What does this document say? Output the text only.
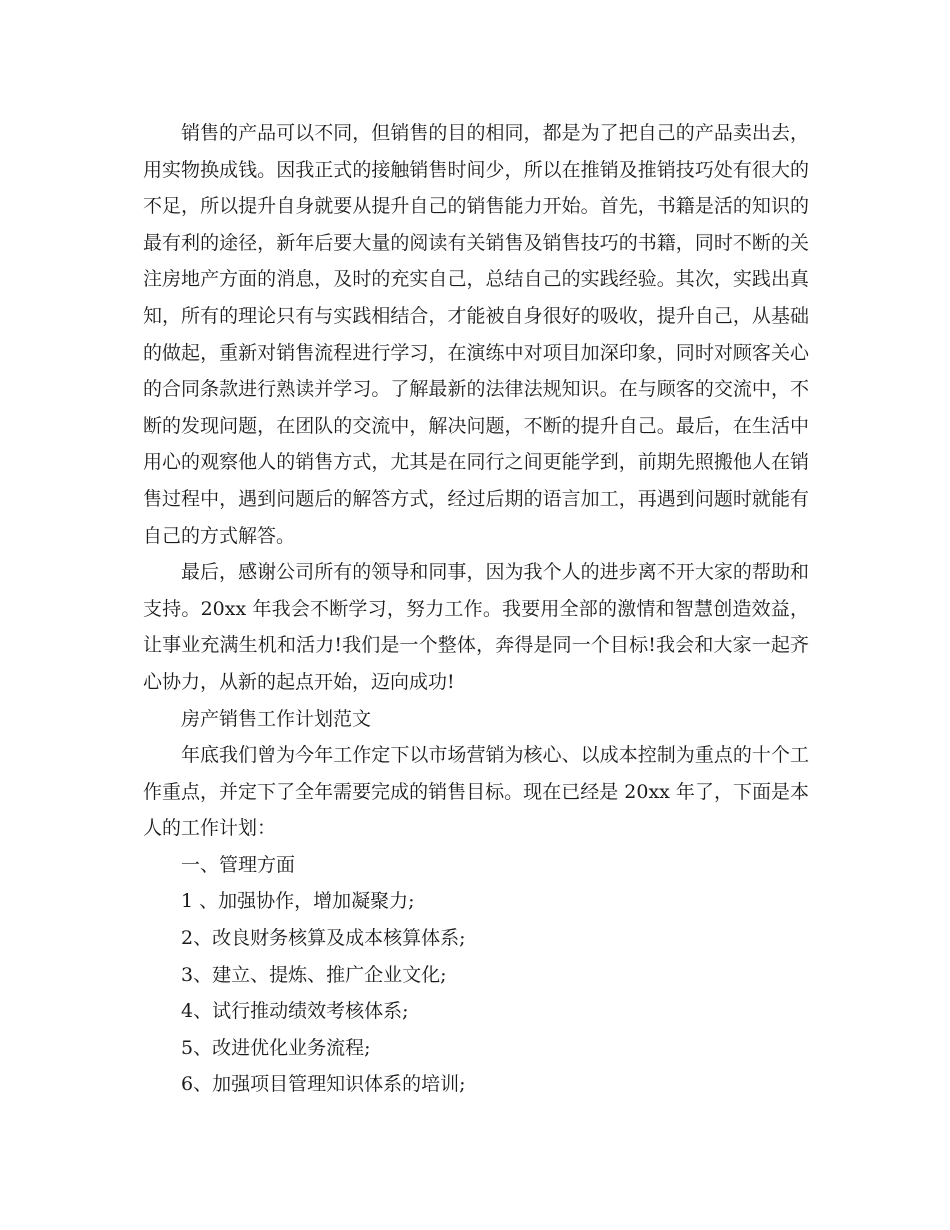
销售的产品可以不同，但销售的目的相同，都是为了把自己的产品卖出去，用实物换成钱。因我正式的接触销售时间少，所以在推销及推销技巧处有很大的不足，所以提升自身就要从提升自己的销售能力开始。首先，书籍是活的知识的最有利的途径，新年后要大量的阅读有关销售及销售技巧的书籍，同时不断的关注房地产方面的消息，及时的充实自己，总结自己的实践经验。其次，实践出真知，所有的理论只有与实践相结合，才能被自身很好的吸收，提升自己，从基础的做起，重新对销售流程进行学习，在演练中对项目加深印象，同时对顾客关心的合同条款进行熟读并学习。了解最新的法律法规知识。在与顾客的交流中，不断的发现问题，在团队的交流中，解决问题，不断的提升自己。最后，在生活中用心的观察他人的销售方式，尤其是在同行之间更能学到，前期先照搬他人在销售过程中，遇到问题后的解答方式，经过后期的语言加工，再遇到问题时就能有自己的方式解答。

最后，感谢公司所有的领导和同事，因为我个人的进步离不开大家的帮助和支持。20xx 年我会不断学习，努力工作。我要用全部的激情和智慧创造效益，让事业充满生机和活力!我们是一个整体，奔得是同一个目标!我会和大家一起齐心协力，从新的起点开始，迈向成功!

房产销售工作计划范文

年底我们曾为今年工作定下以市场营销为核心、以成本控制为重点的十个工作重点，并定下了全年需要完成的销售目标。现在已经是 20xx 年了，下面是本人的工作计划：

一、管理方面

1 、加强协作，增加凝聚力;

2、改良财务核算及成本核算体系;

3、建立、提炼、推广企业文化;

4、试行推动绩效考核体系;

5、改进优化业务流程;

6、加强项目管理知识体系的培训;
